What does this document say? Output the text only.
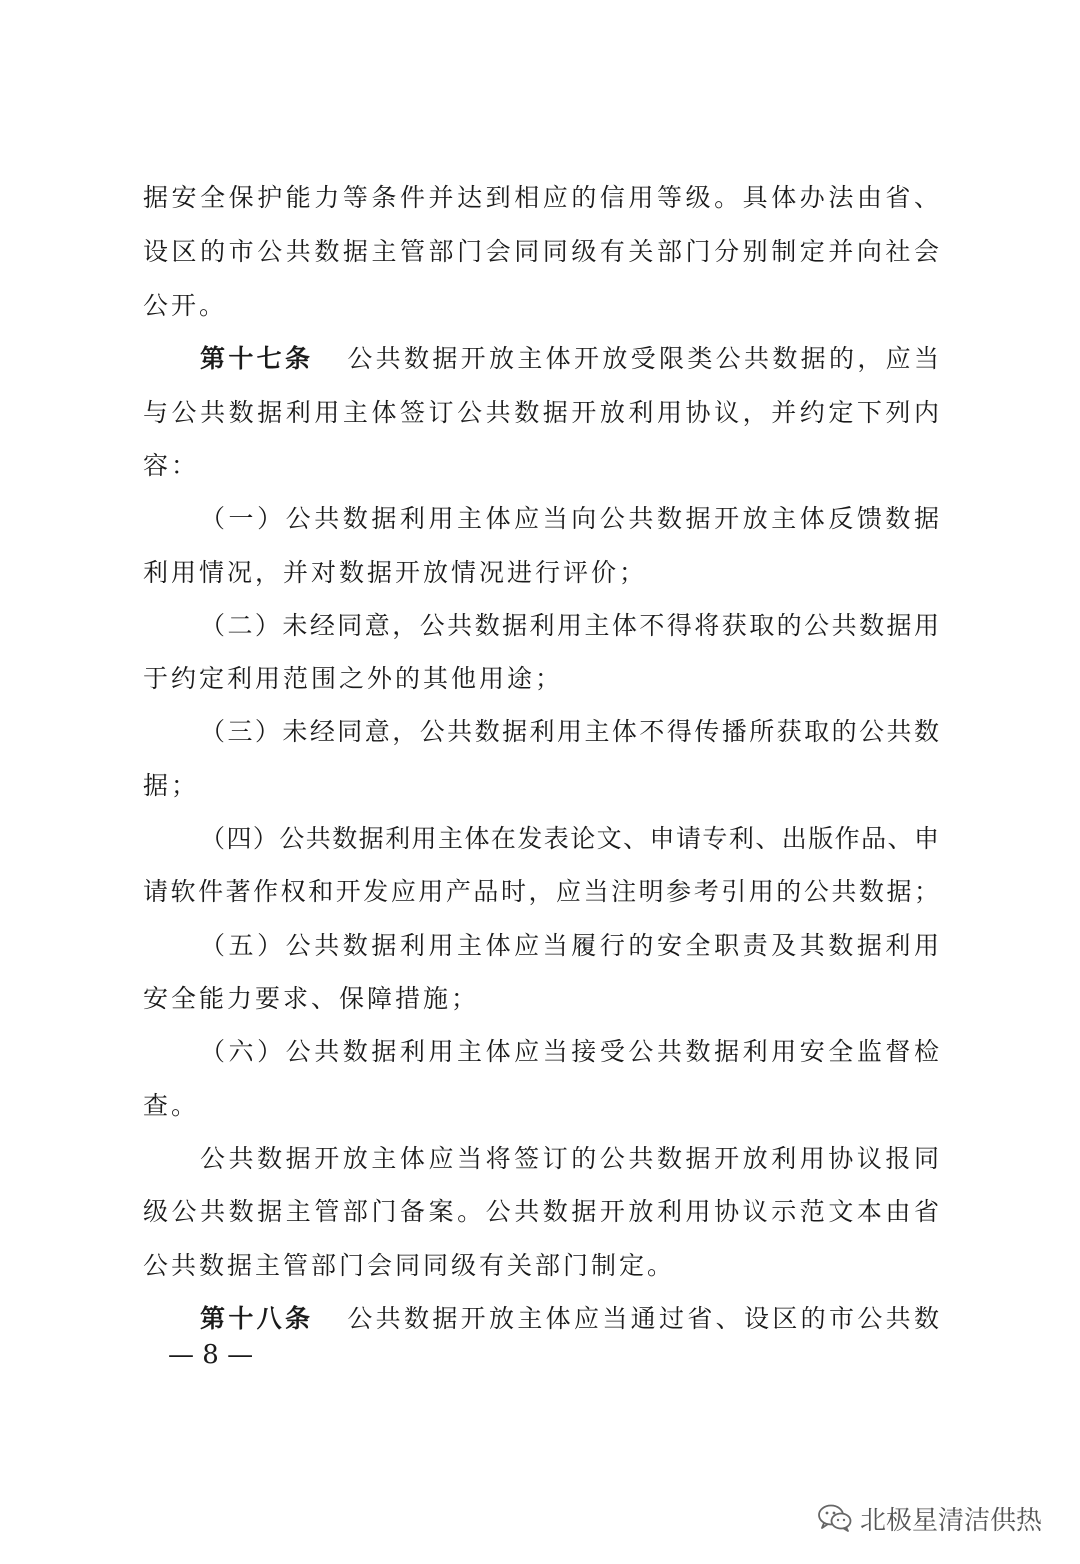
据安全保护能力等条件并达到相应的信用等级。具体办法由省、
设区的市公共数据主管部门会同同级有关部门分别制定并向社会
公开。
第十七条 公共数据开放主体开放受限类公共数据的，应当
与公共数据利用主体签订公共数据开放利用协议，并约定下列内
容：
（一）公共数据利用主体应当向公共数据开放主体反馈数据
利用情况，并对数据开放情况进行评价；
（二）未经同意，公共数据利用主体不得将获取的公共数据用
于约定利用范围之外的其他用途；
（三）未经同意，公共数据利用主体不得传播所获取的公共数
据；
（四）公共数据利用主体在发表论文、申请专利、出版作品、申
请软件著作权和开发应用产品时，应当注明参考引用的公共数据；
（五）公共数据利用主体应当履行的安全职责及其数据利用
安全能力要求、保障措施；
（六）公共数据利用主体应当接受公共数据利用安全监督检
查。
公共数据开放主体应当将签订的公共数据开放利用协议报同
级公共数据主管部门备案。公共数据开放利用协议示范文本由省
公共数据主管部门会同同级有关部门制定。
第十八条 公共数据开放主体应当通过省、设区的市公共数
— 8 —
北极星清洁供热
